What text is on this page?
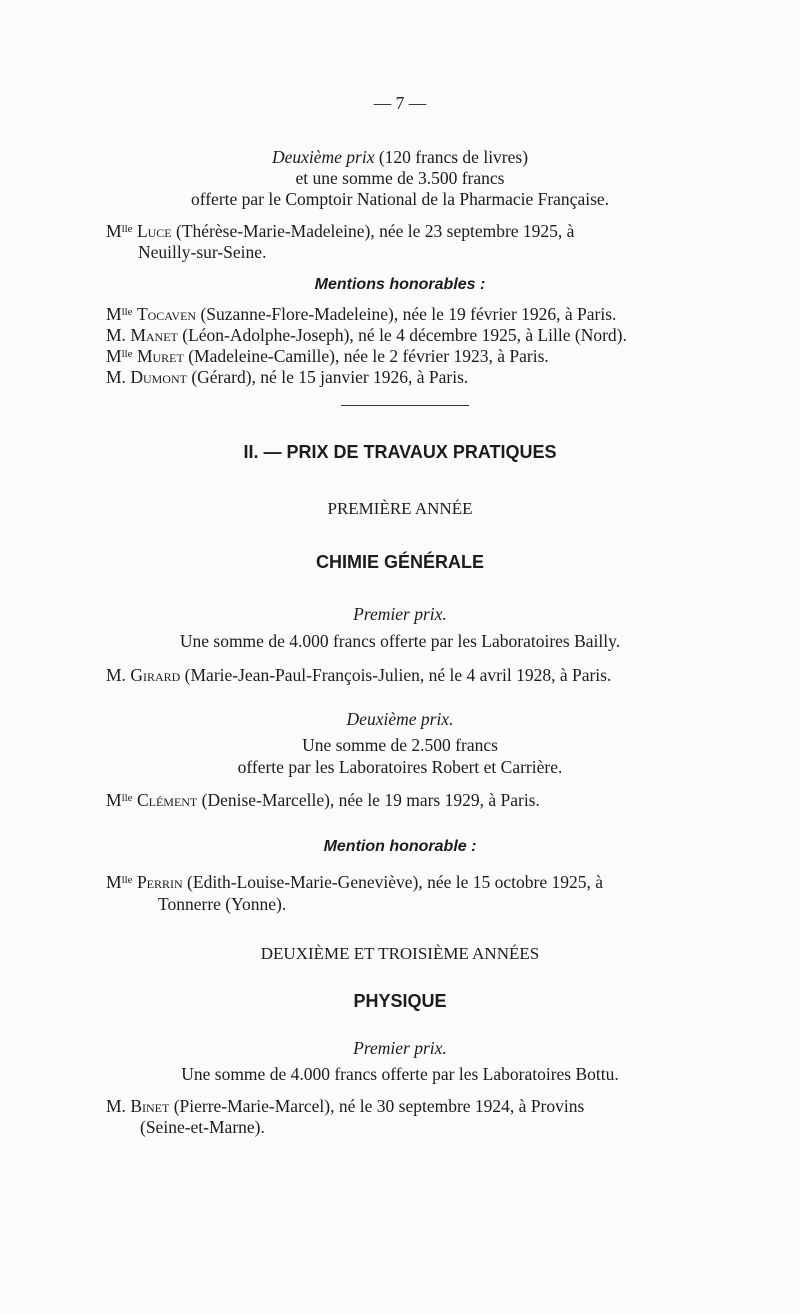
— 7 —
Deuxième prix (120 francs de livres)
et une somme de 3.500 francs
offerte par le Comptoir National de la Pharmacie Française.
$M^{lle}$ Luce (Thérèse-Marie-Madeleine), née le 23 septembre 1925, à
Neuilly-sur-Seine.
Mentions honorables :
$M^{lle}$ Tocaven (Suzanne-Flore-Madeleine), née le 19 février 1926, à Paris.
M. Manet (Léon-Adolphe-Joseph), né le 4 décembre 1925, à Lille (Nord).
$M^{lle}$ Muret (Madeleine-Camille), née le 2 février 1923, à Paris.
M. Dumont (Gérard), né le 15 janvier 1926, à Paris.
II. — PRIX DE TRAVAUX PRATIQUES
PREMIÈRE ANNÉE
CHIMIE GÉNÉRALE
Premier prix.
Une somme de 4.000 francs offerte par les Laboratoires Bailly.
M. Girard (Marie-Jean-Paul-François-Julien, né le 4 avril 1928, à Paris.
Deuxième prix.
Une somme de 2.500 francs
offerte par les Laboratoires Robert et Carrière.
$M^{lle}$ Clément (Denise-Marcelle), née le 19 mars 1929, à Paris.
Mention honorable :
$M^{lle}$ Perrin (Edith-Louise-Marie-Geneviève), née le 15 octobre 1925, à
Tonnerre (Yonne).
DEUXIÈME ET TROISIÈME ANNÉES
PHYSIQUE
Premier prix.
Une somme de 4.000 francs offerte par les Laboratoires Bottu.
M. Binet (Pierre-Marie-Marcel), né le 30 septembre 1924, à Provins
(Seine-et-Marne).
